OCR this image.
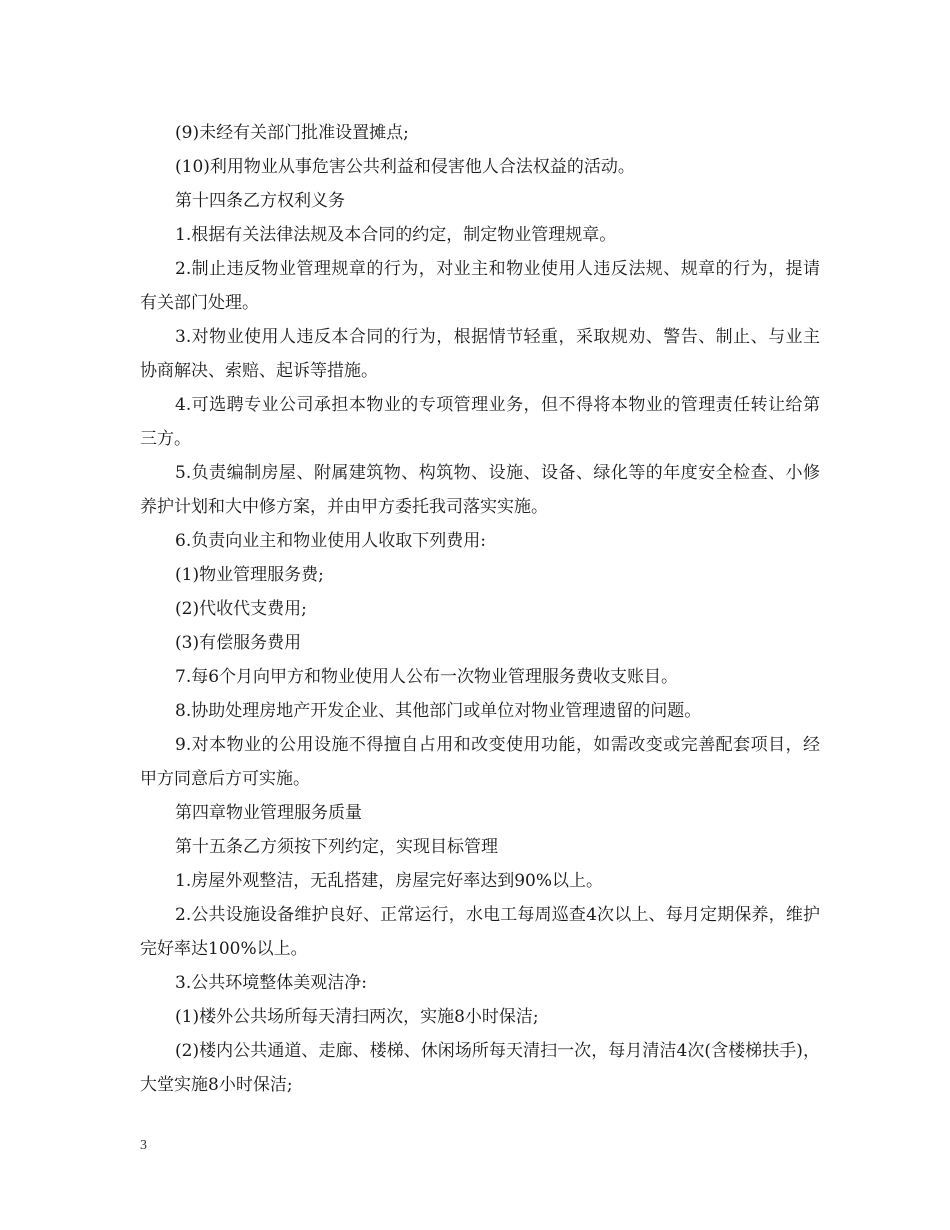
(9)未经有关部门批准设置摊点;

(10)利用物业从事危害公共利益和侵害他人合法权益的活动。

第十四条乙方权利义务

1.根据有关法律法规及本合同的约定，制定物业管理规章。

2.制止违反物业管理规章的行为，对业主和物业使用人违反法规、规章的行为，提请有关部门处理。

3.对物业使用人违反本合同的行为，根据情节轻重，采取规劝、警告、制止、与业主协商解决、索赔、起诉等措施。

4.可选聘专业公司承担本物业的专项管理业务，但不得将本物业的管理责任转让给第三方。

5.负责编制房屋、附属建筑物、构筑物、设施、设备、绿化等的年度安全检查、小修养护计划和大中修方案，并由甲方委托我司落实实施。

6.负责向业主和物业使用人收取下列费用:

(1)物业管理服务费;

(2)代收代支费用;

(3)有偿服务费用

7.每6个月向甲方和物业使用人公布一次物业管理服务费收支账目。

8.协助处理房地产开发企业、其他部门或单位对物业管理遗留的问题。

9.对本物业的公用设施不得擅自占用和改变使用功能，如需改变或完善配套项目，经甲方同意后方可实施。

第四章物业管理服务质量

第十五条乙方须按下列约定，实现目标管理

1.房屋外观整洁，无乱搭建，房屋完好率达到90%以上。

2.公共设施设备维护良好、正常运行，水电工每周巡查4次以上、每月定期保养，维护完好率达100%以上。

3.公共环境整体美观洁净:

(1)楼外公共场所每天清扫两次，实施8小时保洁;

(2)楼内公共通道、走廊、楼梯、休闲场所每天清扫一次，每月清洁4次(含楼梯扶手)，大堂实施8小时保洁;

3
